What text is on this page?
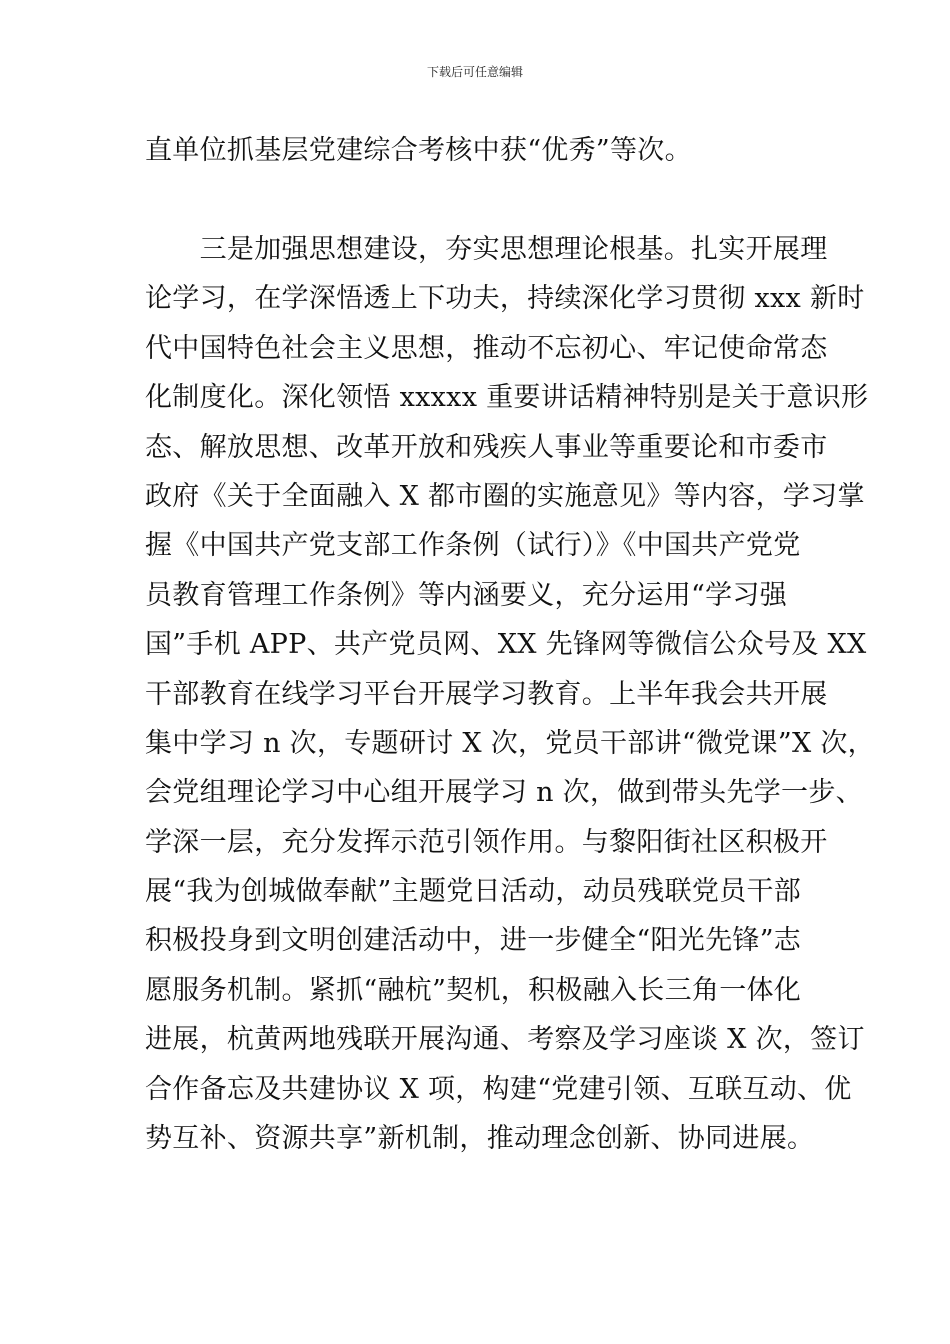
下载后可任意编辑
直单位抓基层党建综合考核中获“优秀”等次。
　　三是加强思想建设，夯实思想理论根基。扎实开展理
论学习，在学深悟透上下功夫，持续深化学习贯彻 xxx 新时
代中国特色社会主义思想，推动不忘初心、牢记使命常态
化制度化。深化领悟 xxxxx 重要讲话精神特别是关于意识形
态、解放思想、改革开放和残疾人事业等重要论和市委市
政府《关于全面融入 X 都市圈的实施意见》等内容，学习掌
握《中国共产党支部工作条例（试行）》《中国共产党党
员教育管理工作条例》等内涵要义，充分运用“学习强
国”手机 APP、共产党员网、XX 先锋网等微信公众号及 XX
干部教育在线学习平台开展学习教育。上半年我会共开展
集中学习 n 次，专题研讨 X 次，党员干部讲“微党课”X 次，
会党组理论学习中心组开展学习 n 次，做到带头先学一步、
学深一层，充分发挥示范引领作用。与黎阳街社区积极开
展“我为创城做奉献”主题党日活动，动员残联党员干部
积极投身到文明创建活动中，进一步健全“阳光先锋”志
愿服务机制。紧抓“融杭”契机，积极融入长三角一体化
进展，杭黄两地残联开展沟通、考察及学习座谈 X 次，签订
合作备忘及共建协议 X 项，构建“党建引领、互联互动、优
势互补、资源共享”新机制，推动理念创新、协同进展。
